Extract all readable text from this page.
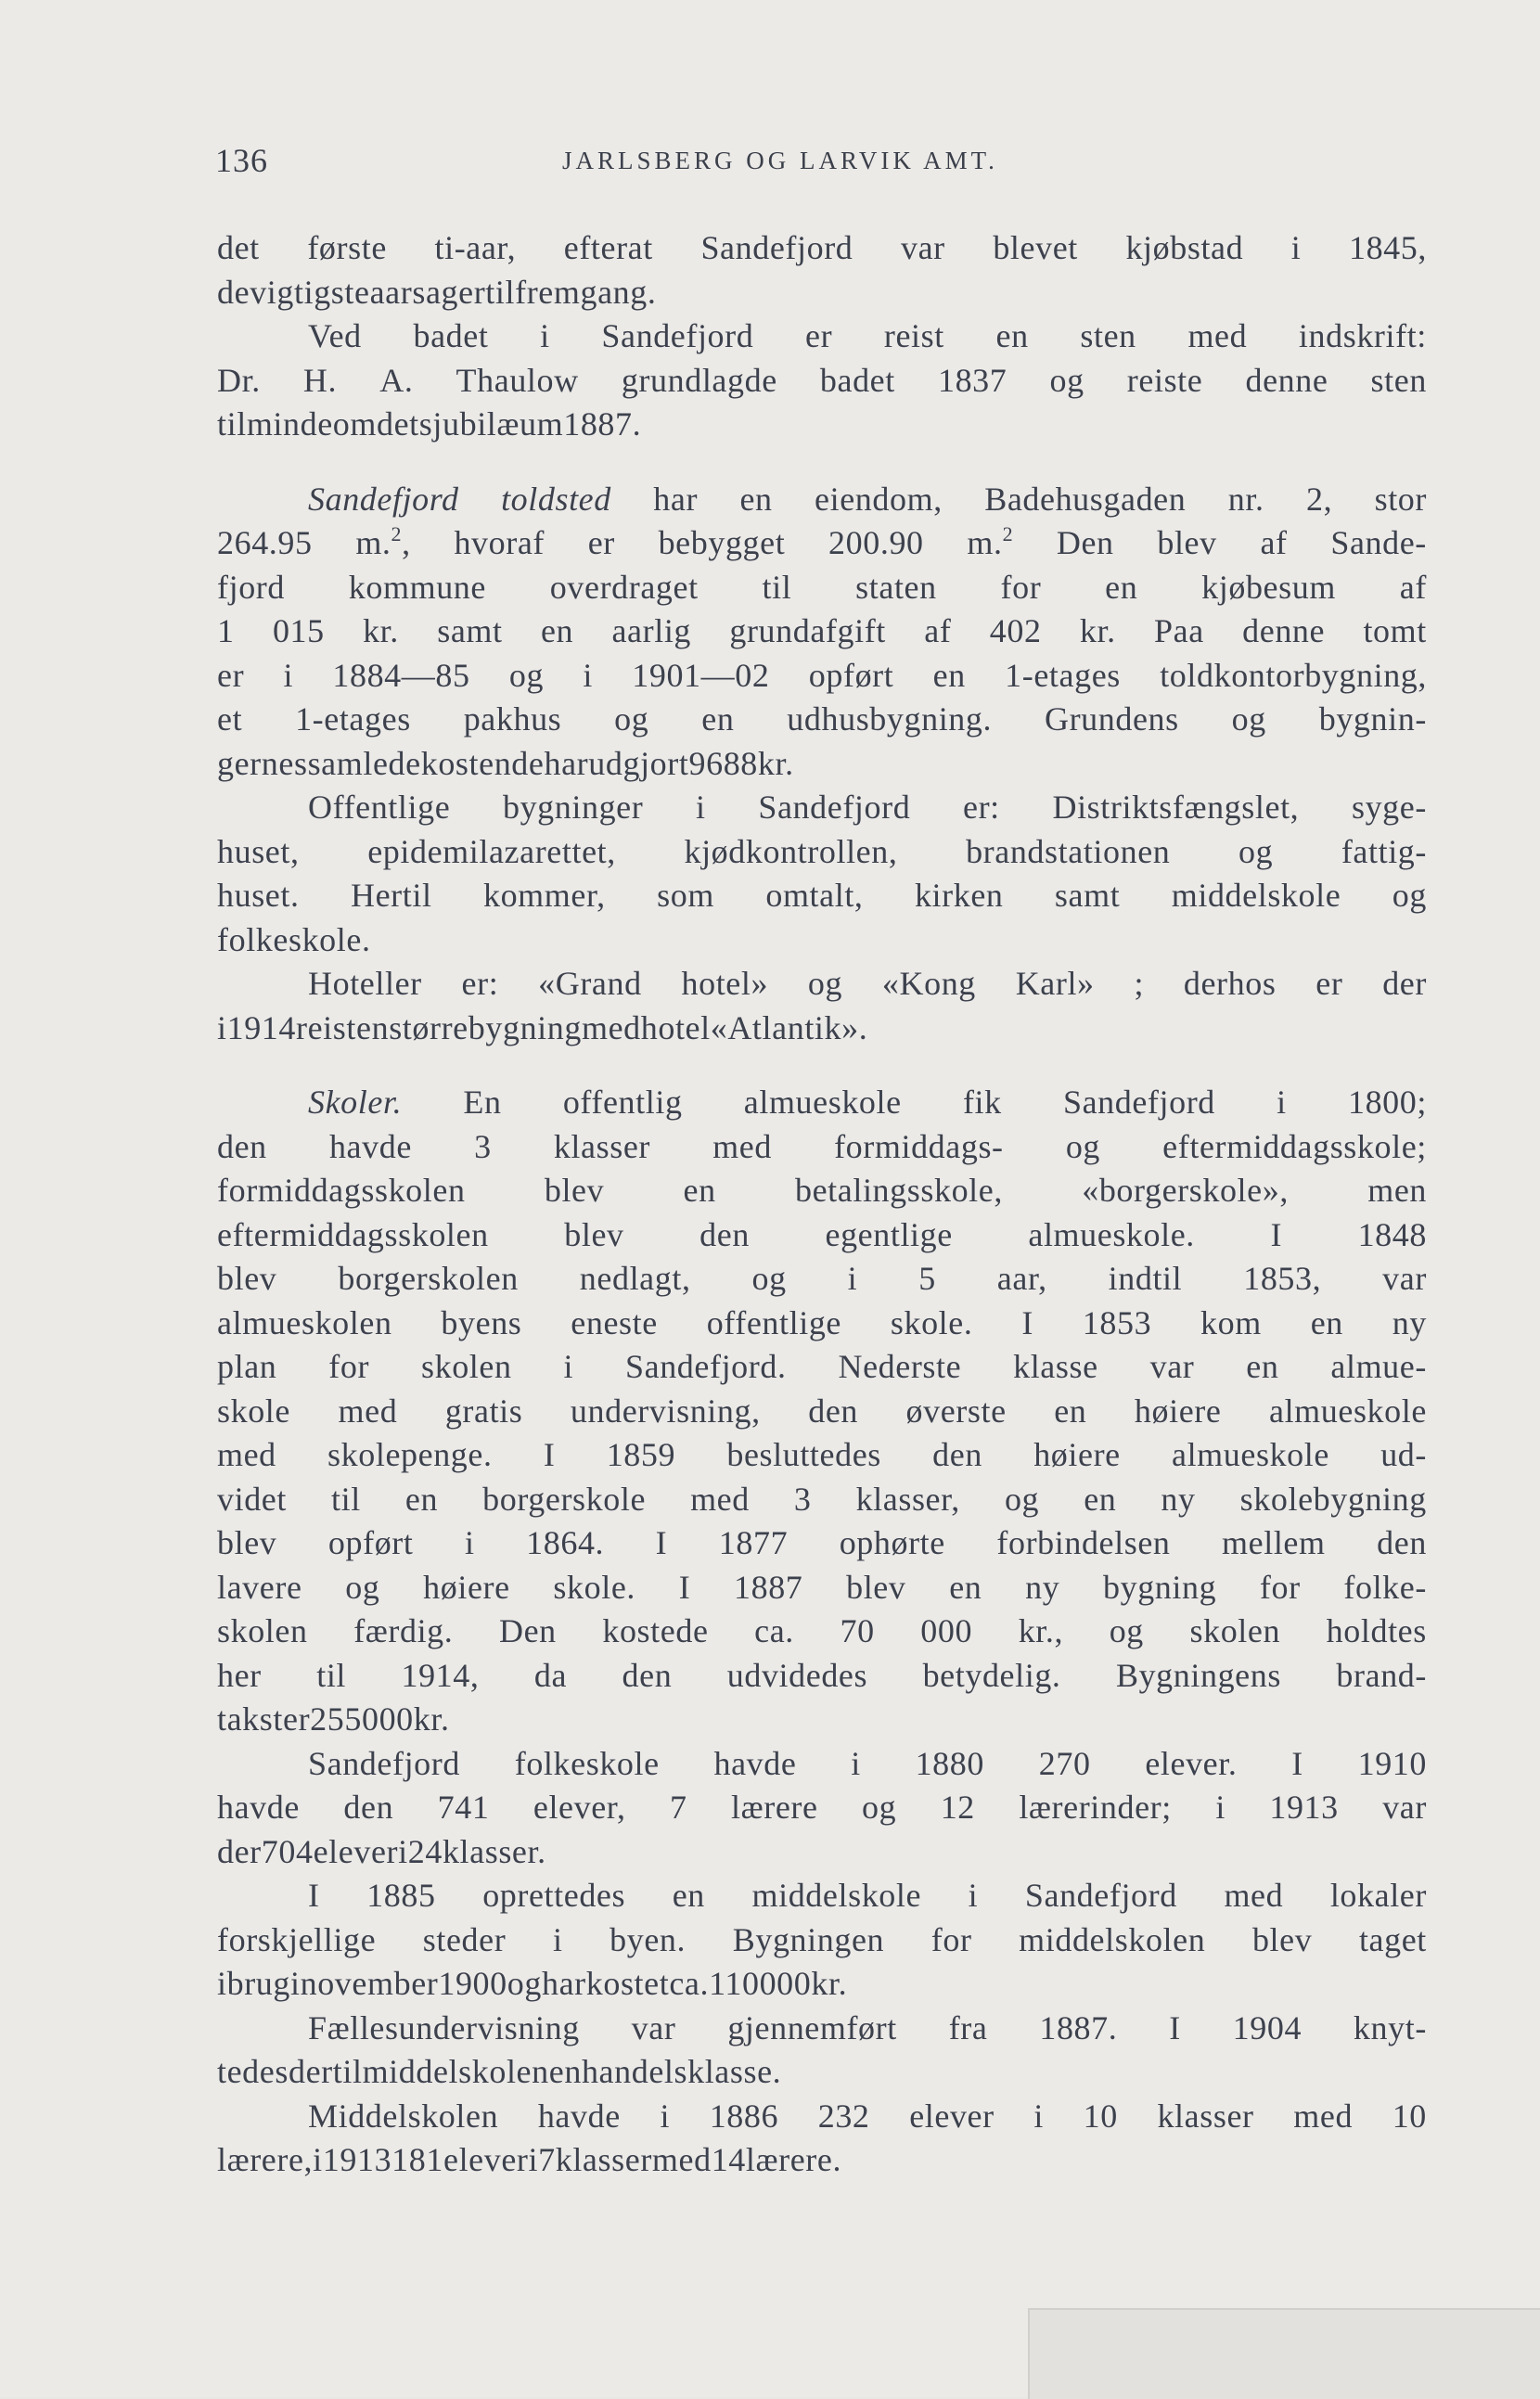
136	JARLSBERG OG LARVIK AMT.
det første ti-aar, efterat Sandefjord var blevet kjøbstad i 1845,
de vigtigste aarsager til fremgang.
Ved badet i Sandefjord er reist en sten med indskrift:
Dr. H. A. Thaulow grundlagde badet 1837 og reiste denne sten
til minde om dets jubilæum 1887.
Sandefjord toldsted har en eiendom, Badehusgaden nr. 2, stor
264.95 m.$^2$, hvoraf er bebygget 200.90 m.$^2$ Den blev af Sande-
fjord kommune overdraget til staten for en kjøbesum af
1 015 kr. samt en aarlig grundafgift af 402 kr. Paa denne tomt
er i 1884—85 og i 1901—02 opført en 1-etages toldkontorbygning,
et 1-etages pakhus og en udhusbygning. Grundens og bygnin-
gernes samlede kostende har udgjort 9 688 kr.
Offentlige bygninger i Sandefjord er: Distriktsfængslet, syge-
huset, epidemilazarettet, kjødkontrollen, brandstationen og fattig-
huset. Hertil kommer, som omtalt, kirken samt middelskole og
folkeskole.
Hoteller er: «Grand hotel» og «Kong Karl» ; derhos er der
i 1914 reist en større bygning med hotel «Atlantik».
Skoler. En offentlig almueskole fik Sandefjord i 1800;
den havde 3 klasser med formiddags- og eftermiddagsskole;
formiddagsskolen blev en betalingsskole, «borgerskole», men
eftermiddagsskolen blev den egentlige almueskole. I 1848
blev borgerskolen nedlagt, og i 5 aar, indtil 1853, var
almueskolen byens eneste offentlige skole. I 1853 kom en ny
plan for skolen i Sandefjord. Nederste klasse var en almue-
skole med gratis undervisning, den øverste en høiere almueskole
med skolepenge. I 1859 besluttedes den høiere almueskole ud-
videt til en borgerskole med 3 klasser, og en ny skolebygning
blev opført i 1864. I 1877 ophørte forbindelsen mellem den
lavere og høiere skole. I 1887 blev en ny bygning for folke-
skolen færdig. Den kostede ca. 70 000 kr., og skolen holdtes
her til 1914, da den udvidedes betydelig. Bygningens brand-
takst er 255 000 kr.
Sandefjord folkeskole havde i 1880 270 elever. I 1910
havde den 741 elever, 7 lærere og 12 lærerinder; i 1913 var
der 704 elever i 24 klasser.
I 1885 oprettedes en middelskole i Sandefjord med lokaler
forskjellige steder i byen. Bygningen for middelskolen blev taget
i brug i november 1900 og har kostet ca. 110 000 kr.
Fællesundervisning var gjennemført fra 1887. I 1904 knyt-
tedes der til middelskolen en handelsklasse.
Middelskolen havde i 1886 232 elever i 10 klasser med 10
lærere, i 1913 181 elever i 7 klasser med 14 lærere.
